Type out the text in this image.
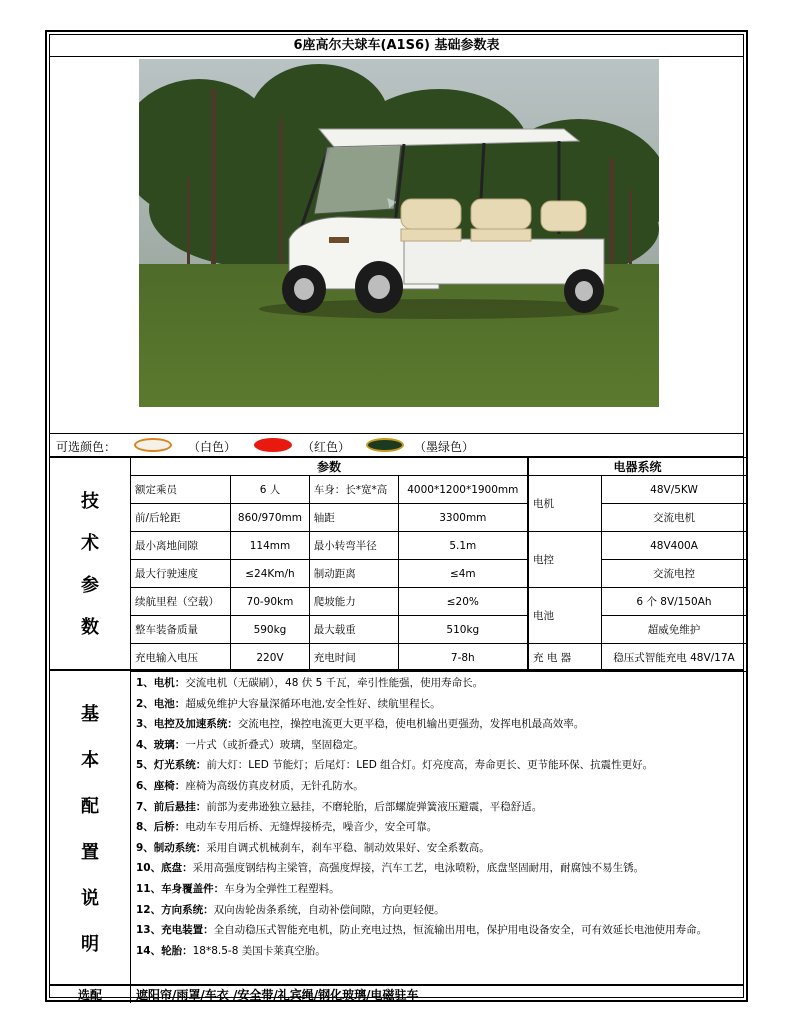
6座高尔夫球车(A1S6) 基础参数表
可选颜色：	（白色）	（红色）	（墨绿色）
技
术
参
数
参数			
额定乘员	6 人	车身：长*宽*高	4000*1200*1900mm
前/后轮距	860/970mm	轴距	3300mm
最小离地间隙	114mm	最小转弯半径	5.1m
最大行驶速度	≤24Km/h	制动距离	≤4m
续航里程（空载）	70-90km	爬坡能力	≤20%
整车装备质量	590kg	最大载重	510kg
充电输入电压	220V	充电时间	7-8h
电器系统	
电机	48V/5KW
	交流电机
电控	48V400A
	交流电控
电池	6 个 8V/150Ah
	超威免维护
充 电 器	稳压式智能充电 48V/17A
基
本
配
置
说
明
1、电机：交流电机（无碳刷），48 伏 5 千瓦，牵引性能强，使用寿命长。
2、电池：超威免维护大容量深循环电池,安全性好、续航里程长。
3、电控及加速系统：交流电控，操控电流更大更平稳，使电机输出更强劲，发挥电机最高效率。
4、玻璃：一片式（或折叠式）玻璃，坚固稳定。
5、灯光系统：前大灯：LED 节能灯；后尾灯：LED 组合灯。灯亮度高，寿命更长、更节能环保、抗震性更好。
6、座椅：座椅为高级仿真皮材质，无针孔防水。
7、前后悬挂：前部为麦弗逊独立悬挂，不磨轮胎，后部螺旋弹簧液压避震，平稳舒适。
8、后桥：电动车专用后桥、无缝焊接桥壳，噪音少，安全可靠。
9、制动系统：采用自调式机械刹车，刹车平稳、制动效果好、安全系数高。
10、底盘：采用高强度钢结构主梁管，高强度焊接，汽车工艺，电泳喷粉，底盘坚固耐用，耐腐蚀不易生锈。
11、车身覆盖件：车身为全弹性工程塑料。
12、方向系统：双向齿轮齿条系统，自动补偿间隙，方向更轻便。
13、充电装置：全自动稳压式智能充电机，防止充电过热，恒流输出用电，保护用电设备安全，可有效延长电池使用寿命。
14、轮胎：18*8.5-8 美国卡莱真空胎。
选配	遮阳帘/雨罩/车衣 /安全带/礼宾绳/钢化玻璃/电磁驻车
